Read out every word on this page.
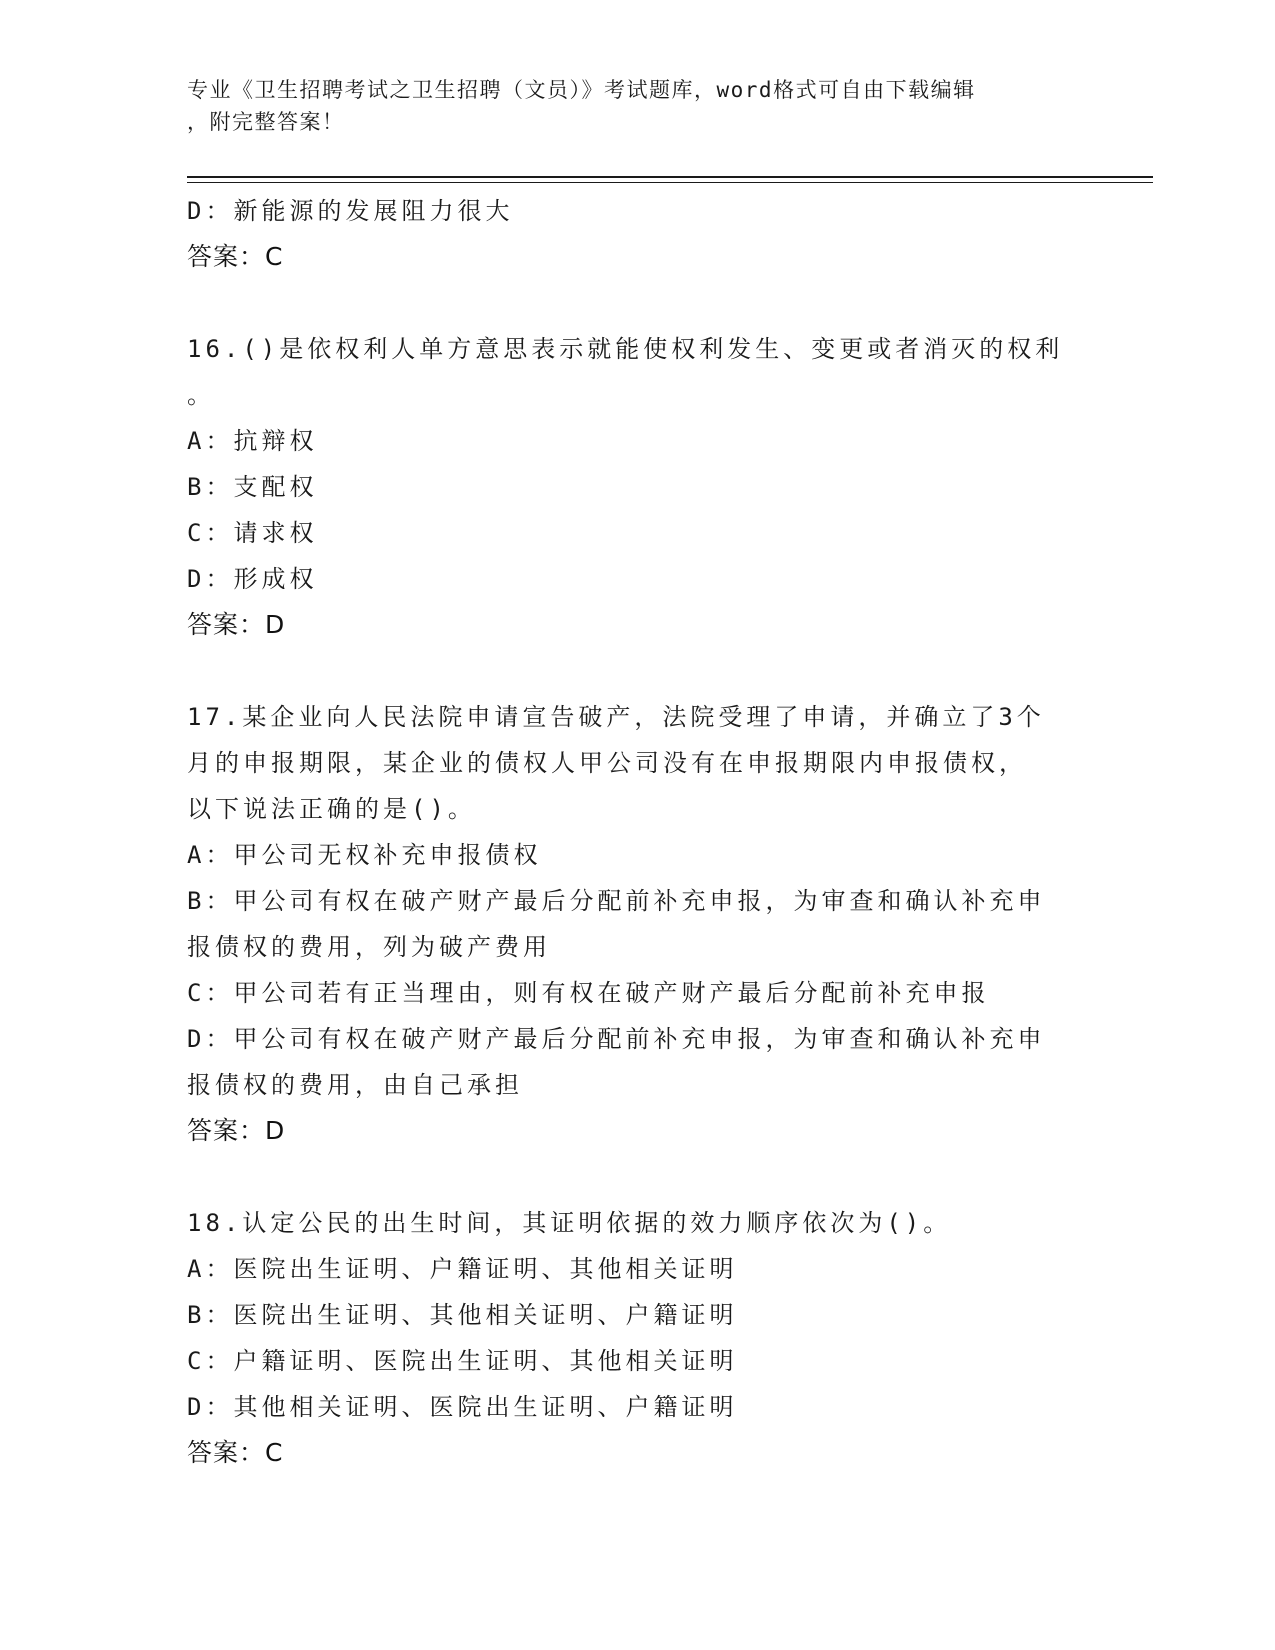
专业《卫生招聘考试之卫生招聘（文员）》考试题库，word格式可自由下载编辑
，附完整答案！
D：新能源的发展阻力很大
答案：C
16.()是依权利人单方意思表示就能使权利发生、变更或者消灭的权利
。
A：抗辩权
B：支配权
C：请求权
D：形成权
答案：D
17.某企业向人民法院申请宣告破产，法院受理了申请，并确立了3个
月的申报期限，某企业的债权人甲公司没有在申报期限内申报债权，
以下说法正确的是()。
A：甲公司无权补充申报债权
B：甲公司有权在破产财产最后分配前补充申报，为审查和确认补充申
报债权的费用，列为破产费用
C：甲公司若有正当理由，则有权在破产财产最后分配前补充申报
D：甲公司有权在破产财产最后分配前补充申报，为审查和确认补充申
报债权的费用，由自己承担
答案：D
18.认定公民的出生时间，其证明依据的效力顺序依次为()。
A：医院出生证明、户籍证明、其他相关证明
B：医院出生证明、其他相关证明、户籍证明
C：户籍证明、医院出生证明、其他相关证明
D：其他相关证明、医院出生证明、户籍证明
答案：C
